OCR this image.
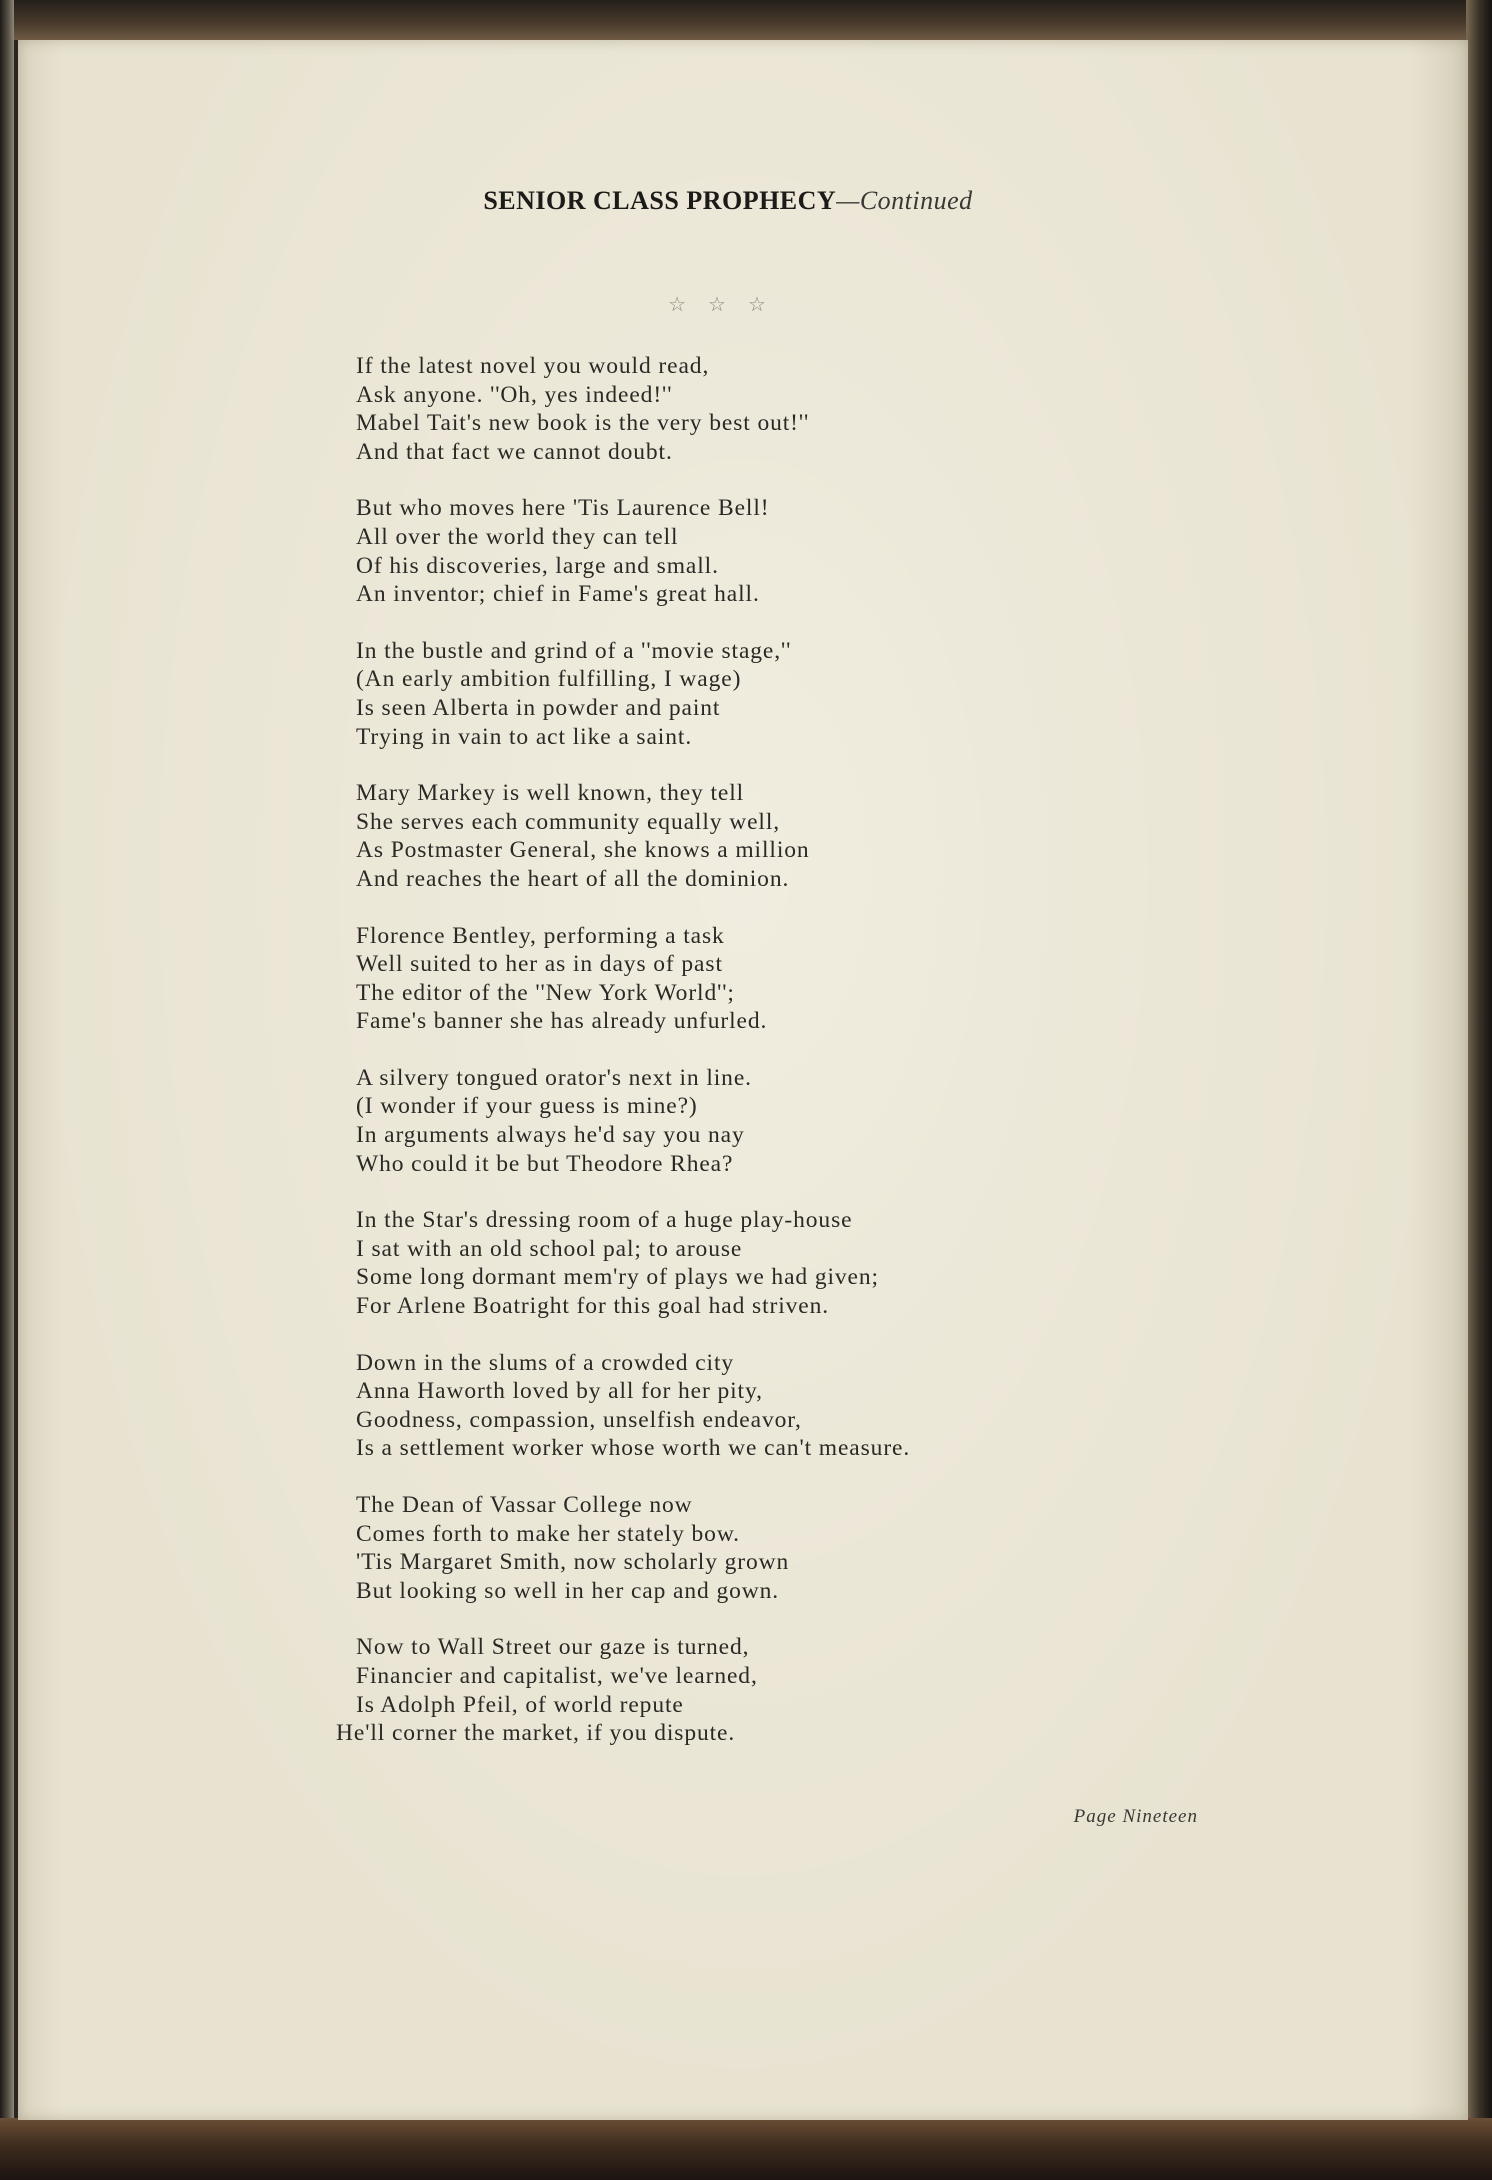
SENIOR CLASS PROPHECY—Continued
☆☆☆
If the latest novel you would read,
Ask anyone. ''Oh, yes indeed!''
Mabel Tait's new book is the very best out!''
And that fact we cannot doubt.
But who moves here 'Tis Laurence Bell!
All over the world they can tell
Of his discoveries, large and small.
An inventor; chief in Fame's great hall.
In the bustle and grind of a ''movie stage,''
(An early ambition fulfilling, I wage)
Is seen Alberta in powder and paint
Trying in vain to act like a saint.
Mary Markey is well known, they tell
She serves each community equally well,
As Postmaster General, she knows a million
And reaches the heart of all the dominion.
Florence Bentley, performing a task
Well suited to her as in days of past
The editor of the ''New York World'';
Fame's banner she has already unfurled.
A silvery tongued orator's next in line.
(I wonder if your guess is mine?)
In arguments always he'd say you nay
Who could it be but Theodore Rhea?
In the Star's dressing room of a huge play-house
I sat with an old school pal; to arouse
Some long dormant mem'ry of plays we had given;
For Arlene Boatright for this goal had striven.
Down in the slums of a crowded city
Anna Haworth loved by all for her pity,
Goodness, compassion, unselfish endeavor,
Is a settlement worker whose worth we can't measure.
The Dean of Vassar College now
Comes forth to make her stately bow.
'Tis Margaret Smith, now scholarly grown
But looking so well in her cap and gown.
Now to Wall Street our gaze is turned,
Financier and capitalist, we've learned,
Is Adolph Pfeil, of world repute
He'll corner the market, if you dispute.
Page Nineteen
